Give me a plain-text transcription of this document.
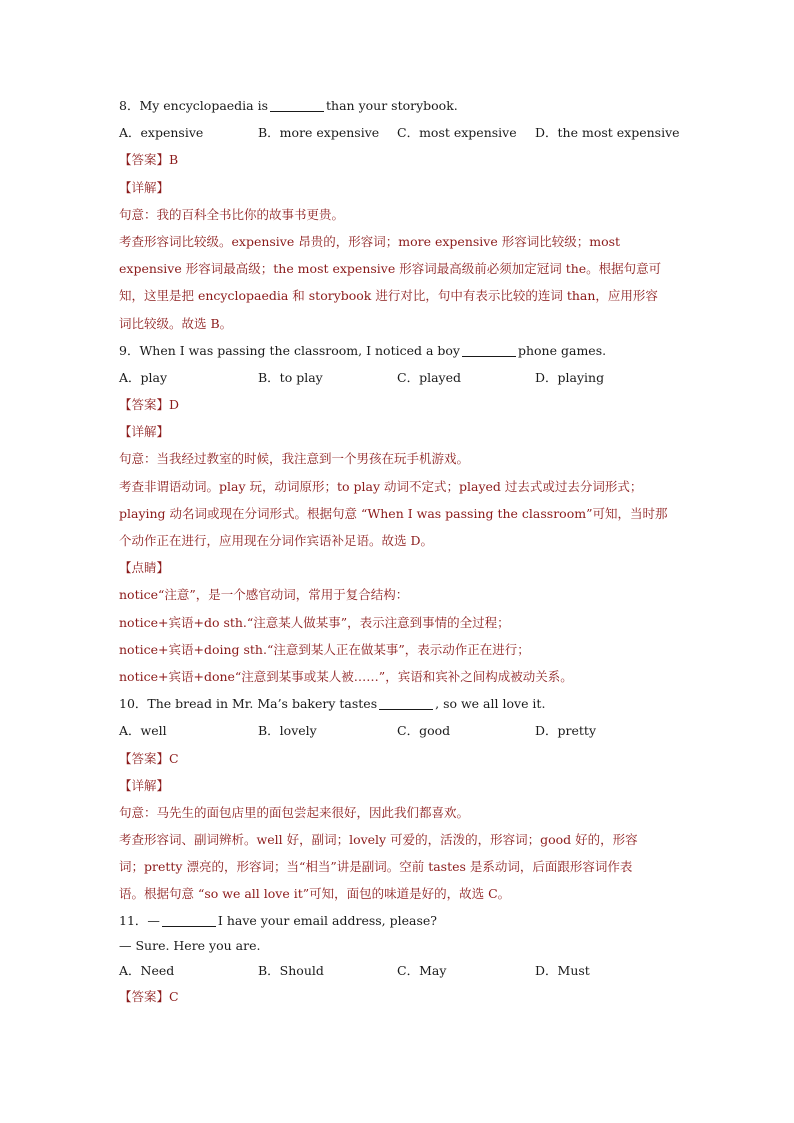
8．My encyclopaedia is	than your storybook.
A．expensive	B．more expensive C．most expensive D．the most expensive
【答案】B
【详解】
句意：我的百科全书比你的故事书更贵。
考查形容词比较级。expensive 昂贵的，形容词；more expensive 形容词比较级；most
expensive 形容词最高级；the most expensive 形容词最高级前必须加定冠词 the。根据句意可
知，这里是把 encyclopaedia 和 storybook 进行对比，句中有表示比较的连词 than，应用形容
词比较级。故选 B。
9．When I was passing the classroom, I noticed a boy	phone games.
A．play	B．to play	C．played	D．playing
【答案】D
【详解】
句意：当我经过教室的时候，我注意到一个男孩在玩手机游戏。
考查非谓语动词。play 玩，动词原形；to play 动词不定式；played 过去式或过去分词形式；
playing 动名词或现在分词形式。根据句意 “When I was passing the classroom”可知，当时那
个动作正在进行，应用现在分词作宾语补足语。故选 D。
【点睛】
notice“注意”，是一个感官动词，常用于复合结构：
notice+宾语+do sth.“注意某人做某事”，表示注意到事情的全过程；
notice+宾语+doing sth.“注意到某人正在做某事”，表示动作正在进行；
notice+宾语+done“注意到某事或某人被……”，宾语和宾补之间构成被动关系。
10．The bread in Mr. Ma’s bakery tastes	, so we all love it.
A．well	B．lovely	C．good	D．pretty
【答案】C
【详解】
句意：马先生的面包店里的面包尝起来很好，因此我们都喜欢。
考查形容词、副词辨析。well 好，副词；lovely 可爱的，活泼的，形容词；good 好的，形容
词；pretty 漂亮的，形容词；当“相当”讲是副词。空前 tastes 是系动词，后面跟形容词作表
语。根据句意 “so we all love it”可知，面包的味道是好的，故选 C。
11．—	I have your email address, please?
— Sure. Here you are.
A．Need	B．Should	C．May	D．Must
【答案】C
